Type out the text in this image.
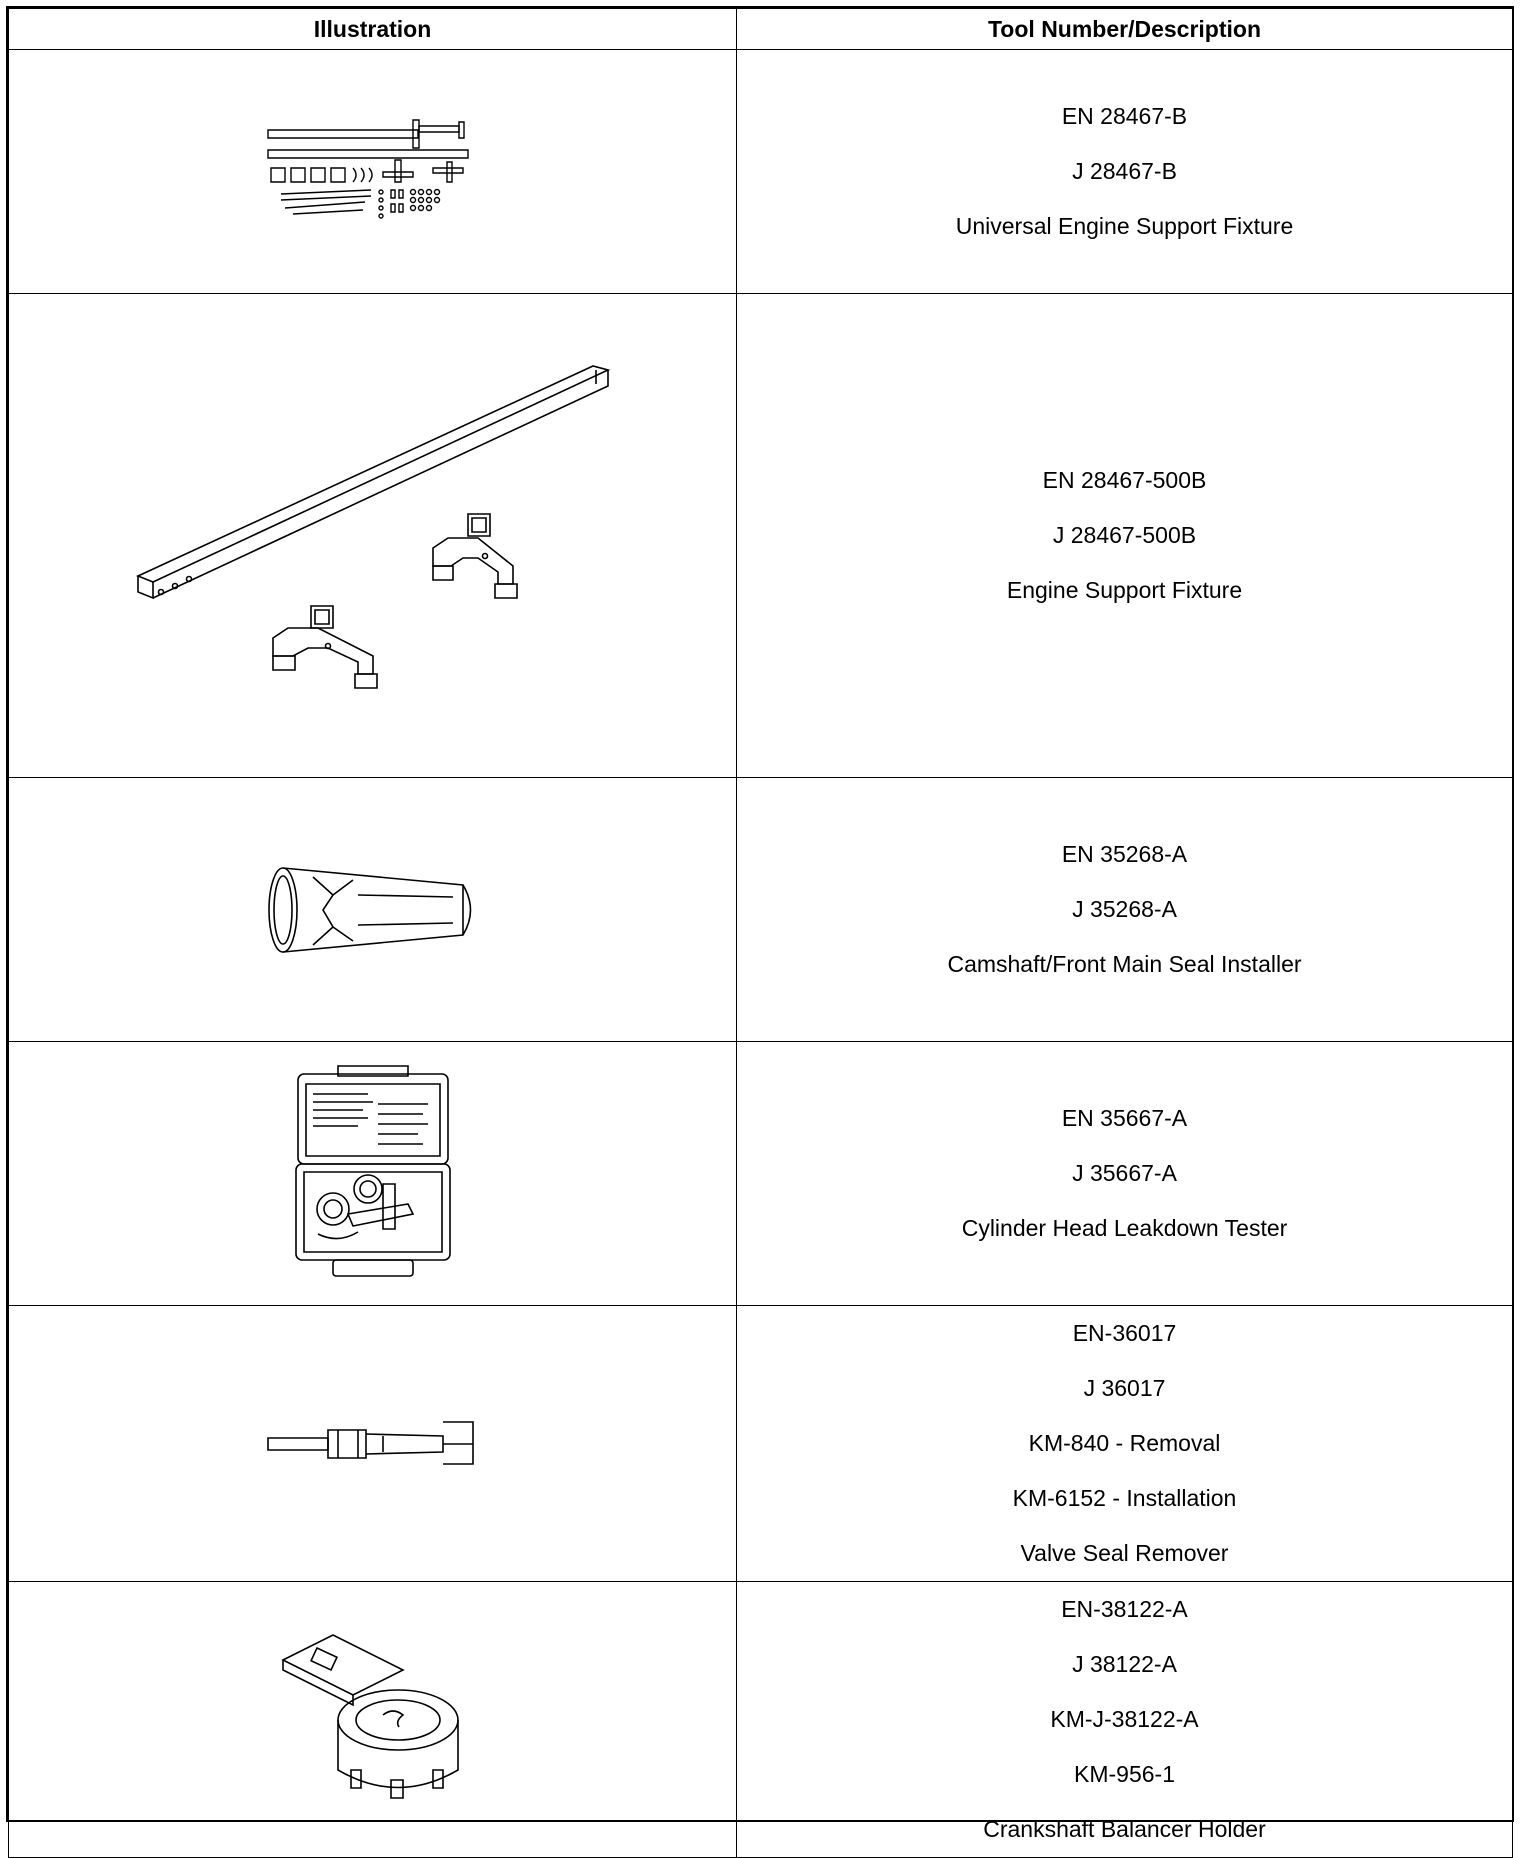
Illustration	Tool Number/Description

EN 28467-B
J 28467-B
Universal Engine Support Fixture

EN 28467-500B
J 28467-500B
Engine Support Fixture

EN 35268-A
J 35268-A
Camshaft/Front Main Seal Installer

EN 35667-A
J 35667-A
Cylinder Head Leakdown Tester

EN-36017
J 36017
KM-840 - Removal
KM-6152 - Installation
Valve Seal Remover

EN-38122-A
J 38122-A
KM-J-38122-A
KM-956-1
Crankshaft Balancer Holder
